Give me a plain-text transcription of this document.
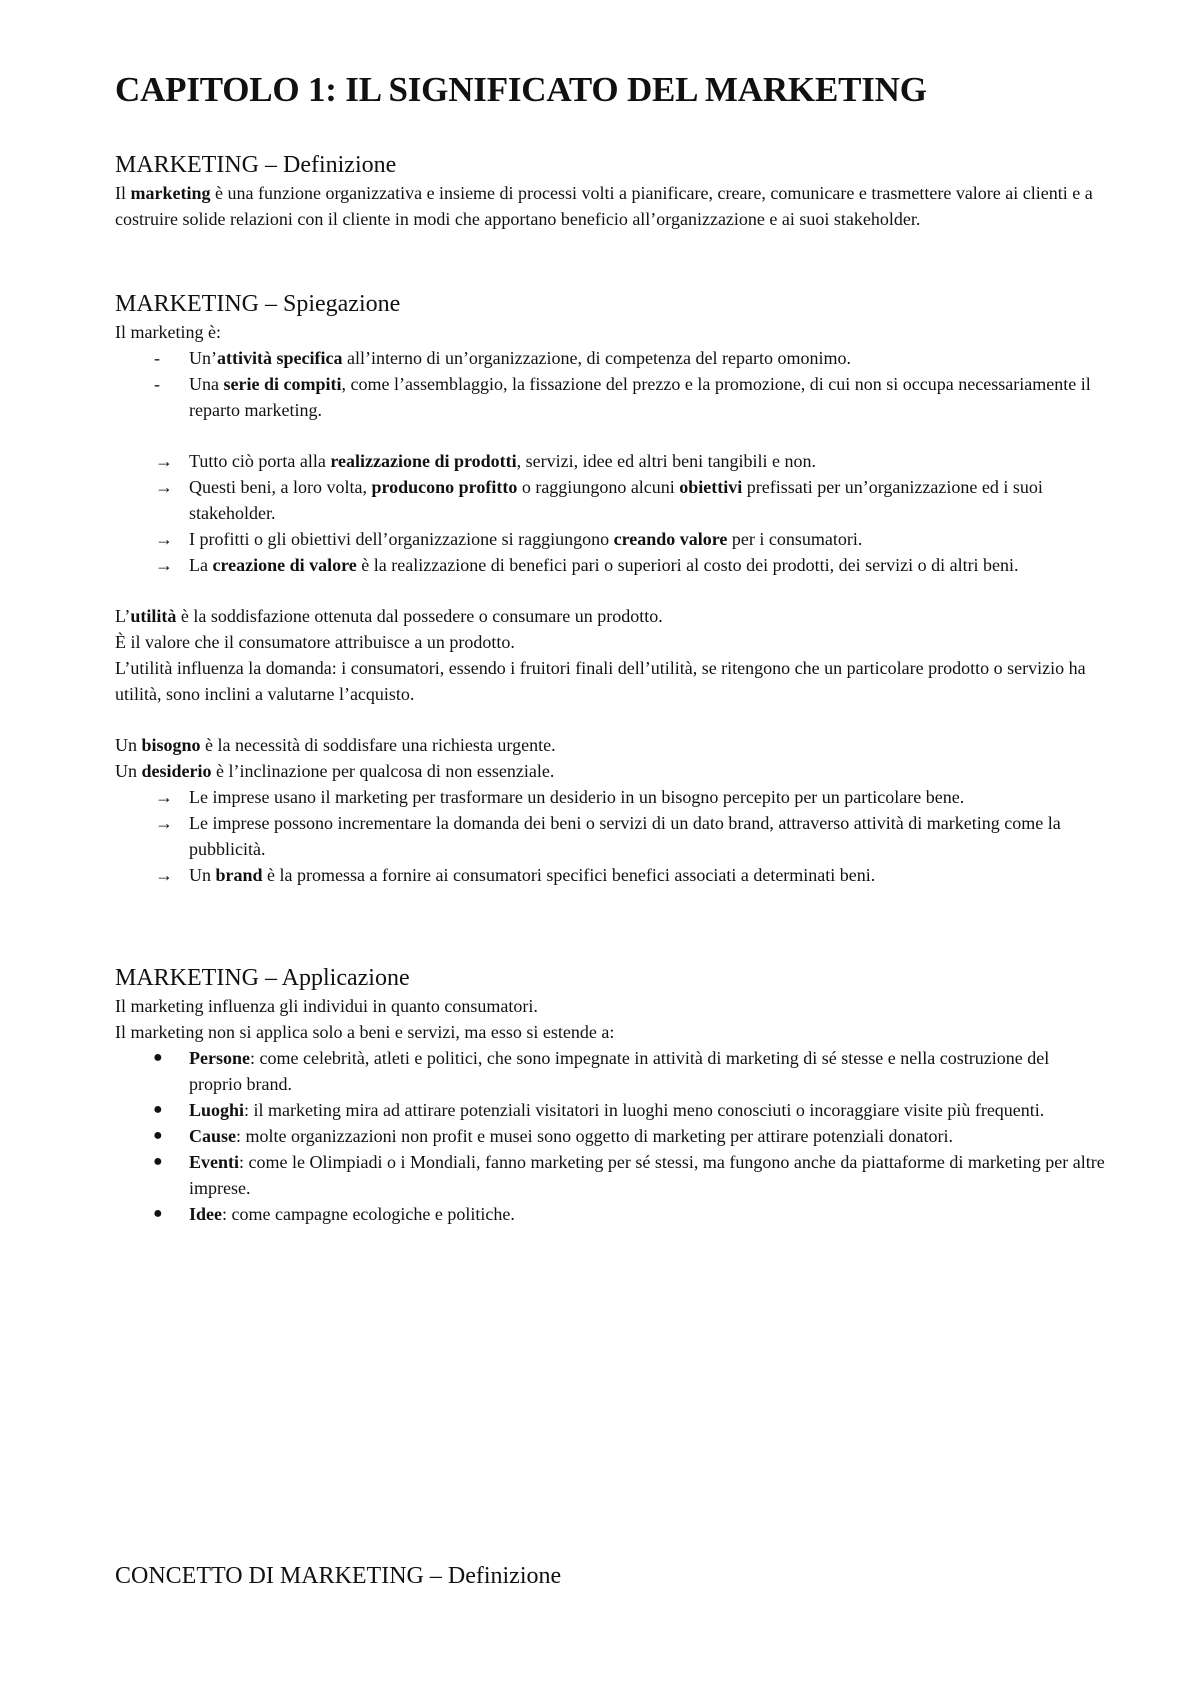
CAPITOLO 1: IL SIGNIFICATO DEL MARKETING
MARKETING – Definizione

Il marketing è una funzione organizzativa e insieme di processi volti a pianificare, creare, comunicare e trasmettere valore ai clienti e a costruire solide relazioni con il cliente in modi che apportano beneficio all’organizzazione e ai suoi stakeholder.

MARKETING – Spiegazione

Il marketing è:

-	Un’attività specifica all’interno di un’organizzazione, di competenza del reparto omonimo.
-	Una serie di compiti, come l’assemblaggio, la fissazione del prezzo e la promozione, di cui non si occupa necessariamente il reparto marketing.
→ Tutto ciò porta alla realizzazione di prodotti, servizi, idee ed altri beni tangibili e non.
→ Questi beni, a loro volta, producono profitto o raggiungono alcuni obiettivi prefissati per un’organizzazione ed i suoi stakeholder.
→ I profitti o gli obiettivi dell’organizzazione si raggiungono creando valore per i consumatori.
→ La creazione di valore è la realizzazione di benefici pari o superiori al costo dei prodotti, dei servizi o di altri beni.

L’utilità è la soddisfazione ottenuta dal possedere o consumare un prodotto.

È il valore che il consumatore attribuisce a un prodotto.

L’utilità influenza la domanda: i consumatori, essendo i fruitori finali dell’utilità, se ritengono che un particolare prodotto o servizio ha utilità, sono inclini a valutarne l’acquisto.

Un bisogno è la necessità di soddisfare una richiesta urgente.

Un desiderio è l’inclinazione per qualcosa di non essenziale.

→ Le imprese usano il marketing per trasformare un desiderio in un bisogno percepito per un particolare bene.
→ Le imprese possono incrementare la domanda dei beni o servizi di un dato brand, attraverso attività di marketing come la pubblicità.
→ Un brand è la promessa a fornire ai consumatori specifici benefici associati a determinati beni.
MARKETING – Applicazione

Il marketing influenza gli individui in quanto consumatori.

Il marketing non si applica solo a beni e servizi, ma esso si estende a:

●	Persone: come celebrità, atleti e politici, che sono impegnate in attività di marketing di sé stesse e nella costruzione del proprio brand.
●	Luoghi: il marketing mira ad attirare potenziali visitatori in luoghi meno conosciuti o incoraggiare visite più frequenti.
●	Cause: molte organizzazioni non profit e musei sono oggetto di marketing per attirare potenziali donatori.
●	Eventi: come le Olimpiadi o i Mondiali, fanno marketing per sé stessi, ma fungono anche da piattaforme di marketing per altre imprese.
●	Idee: come campagne ecologiche e politiche.
CONCETTO DI MARKETING – Definizione
